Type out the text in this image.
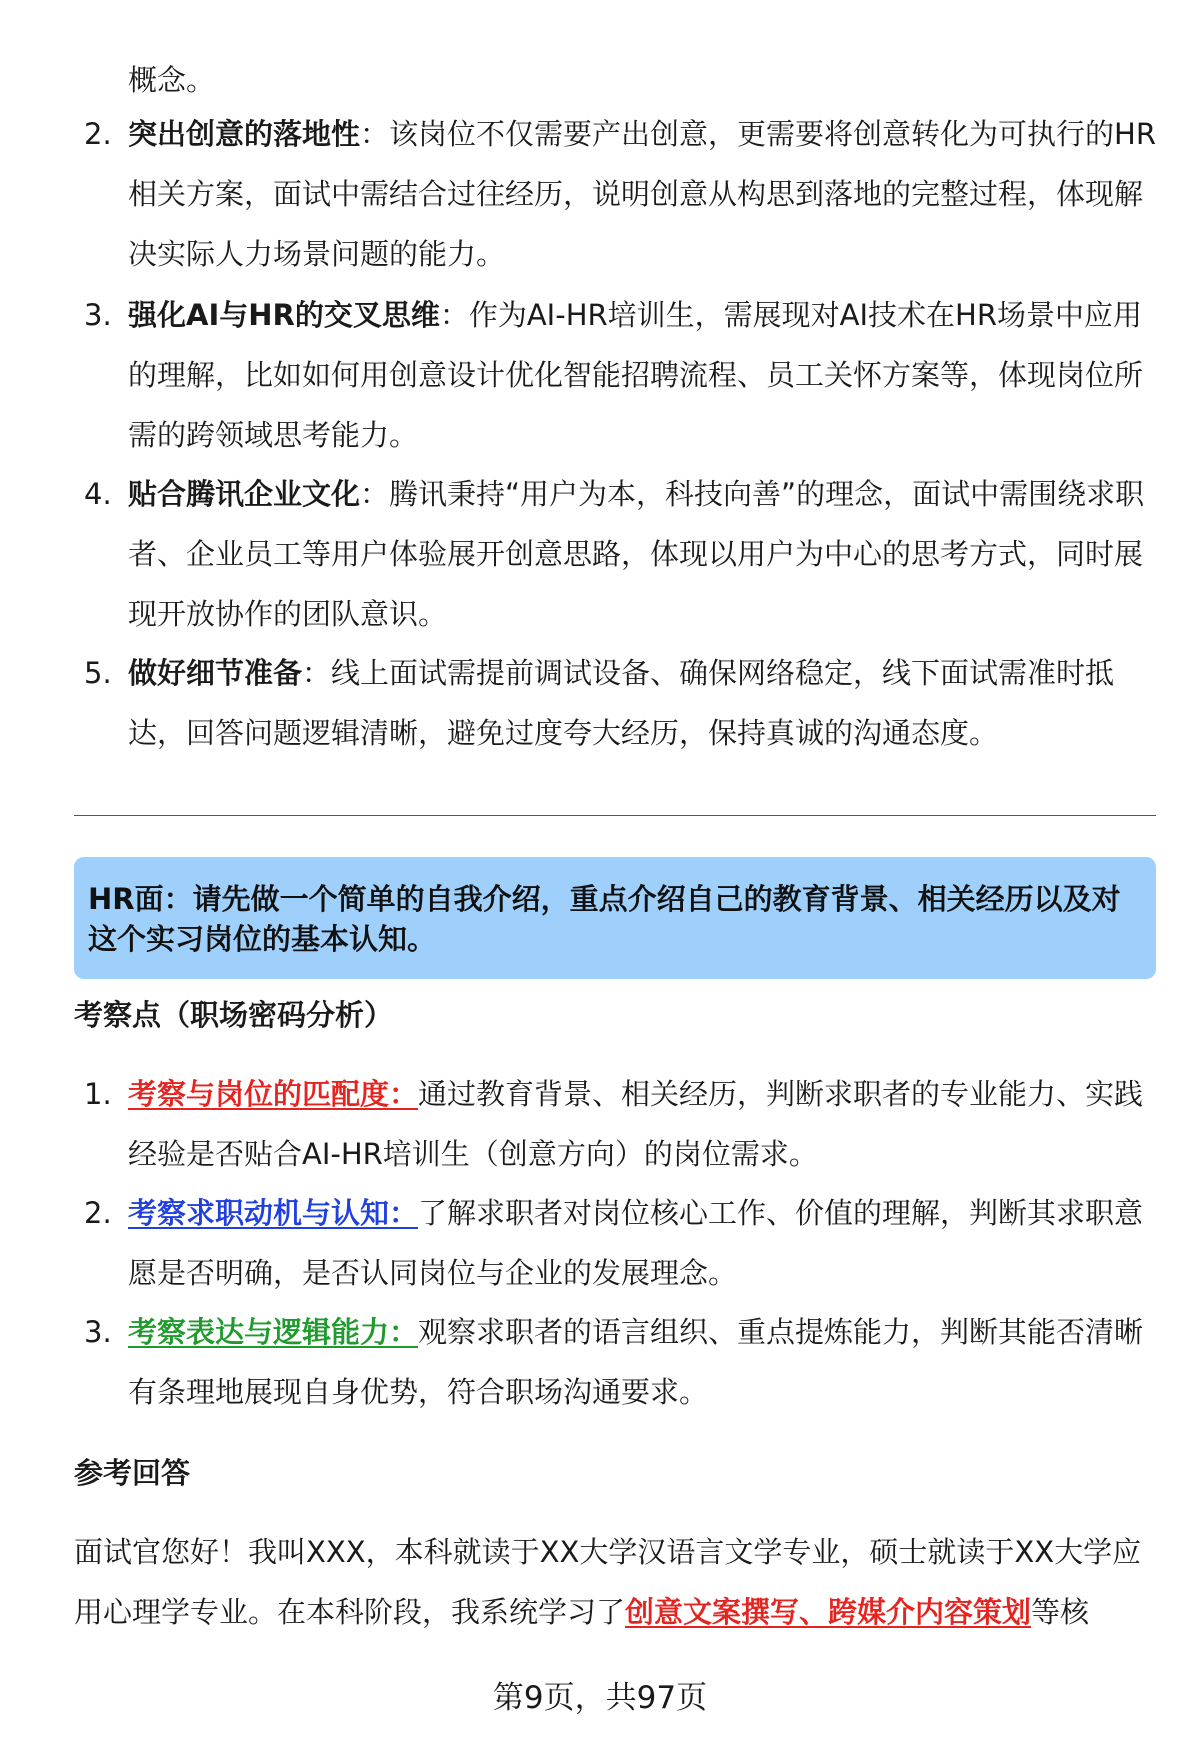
概念。
2. 突出创意的落地性：该岗位不仅需要产出创意，更需要将创意转化为可执行的HR相关方案，面试中需结合过往经历，说明创意从构思到落地的完整过程，体现解决实际人力场景问题的能力。
3. 强化AI与HR的交叉思维：作为AI-HR培训生，需展现对AI技术在HR场景中应用的理解，比如如何用创意设计优化智能招聘流程、员工关怀方案等，体现岗位所需的跨领域思考能力。
4. 贴合腾讯企业文化：腾讯秉持“用户为本，科技向善”的理念，面试中需围绕求职者、企业员工等用户体验展开创意思路，体现以用户为中心的思考方式，同时展现开放协作的团队意识。
5. 做好细节准备：线上面试需提前调试设备、确保网络稳定，线下面试需准时抵达，回答问题逻辑清晰，避免过度夸大经历，保持真诚的沟通态度。
HR面：请先做一个简单的自我介绍，重点介绍自己的教育背景、相关经历以及对这个实习岗位的基本认知。
考察点（职场密码分析）
1. 考察与岗位的匹配度：通过教育背景、相关经历，判断求职者的专业能力、实践经验是否贴合AI-HR培训生（创意方向）的岗位需求。
2. 考察求职动机与认知：了解求职者对岗位核心工作、价值的理解，判断其求职意愿是否明确，是否认同岗位与企业的发展理念。
3. 考察表达与逻辑能力：观察求职者的语言组织、重点提炼能力，判断其能否清晰有条理地展现自身优势，符合职场沟通要求。
参考回答
面试官您好！我叫XXX，本科就读于XX大学汉语言文学专业，硕士就读于XX大学应用心理学专业。在本科阶段，我系统学习了创意文案撰写、跨媒介内容策划等核
第9页，共97页
